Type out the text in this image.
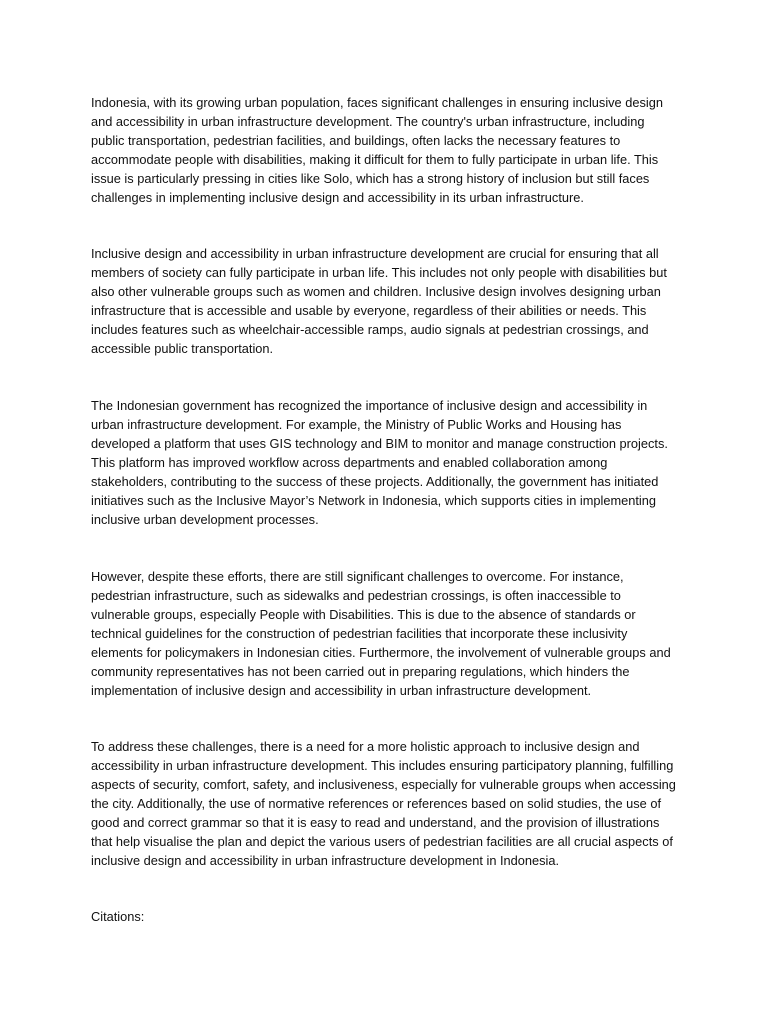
Indonesia, with its growing urban population, faces significant challenges in ensuring inclusive design and accessibility in urban infrastructure development. The country's urban infrastructure, including public transportation, pedestrian facilities, and buildings, often lacks the necessary features to accommodate people with disabilities, making it difficult for them to fully participate in urban life. This issue is particularly pressing in cities like Solo, which has a strong history of inclusion but still faces challenges in implementing inclusive design and accessibility in its urban infrastructure.

Inclusive design and accessibility in urban infrastructure development are crucial for ensuring that all members of society can fully participate in urban life. This includes not only people with disabilities but also other vulnerable groups such as women and children. Inclusive design involves designing urban infrastructure that is accessible and usable by everyone, regardless of their abilities or needs. This includes features such as wheelchair-accessible ramps, audio signals at pedestrian crossings, and accessible public transportation.

The Indonesian government has recognized the importance of inclusive design and accessibility in urban infrastructure development. For example, the Ministry of Public Works and Housing has developed a platform that uses GIS technology and BIM to monitor and manage construction projects. This platform has improved workflow across departments and enabled collaboration among stakeholders, contributing to the success of these projects. Additionally, the government has initiated initiatives such as the Inclusive Mayor’s Network in Indonesia, which supports cities in implementing inclusive urban development processes.

However, despite these efforts, there are still significant challenges to overcome. For instance, pedestrian infrastructure, such as sidewalks and pedestrian crossings, is often inaccessible to vulnerable groups, especially People with Disabilities. This is due to the absence of standards or technical guidelines for the construction of pedestrian facilities that incorporate these inclusivity elements for policymakers in Indonesian cities. Furthermore, the involvement of vulnerable groups and community representatives has not been carried out in preparing regulations, which hinders the implementation of inclusive design and accessibility in urban infrastructure development.

To address these challenges, there is a need for a more holistic approach to inclusive design and accessibility in urban infrastructure development. This includes ensuring participatory planning, fulfilling aspects of security, comfort, safety, and inclusiveness, especially for vulnerable groups when accessing the city. Additionally, the use of normative references or references based on solid studies, the use of good and correct grammar so that it is easy to read and understand, and the provision of illustrations that help visualise the plan and depict the various users of pedestrian facilities are all crucial aspects of inclusive design and accessibility in urban infrastructure development in Indonesia.

Citations:
